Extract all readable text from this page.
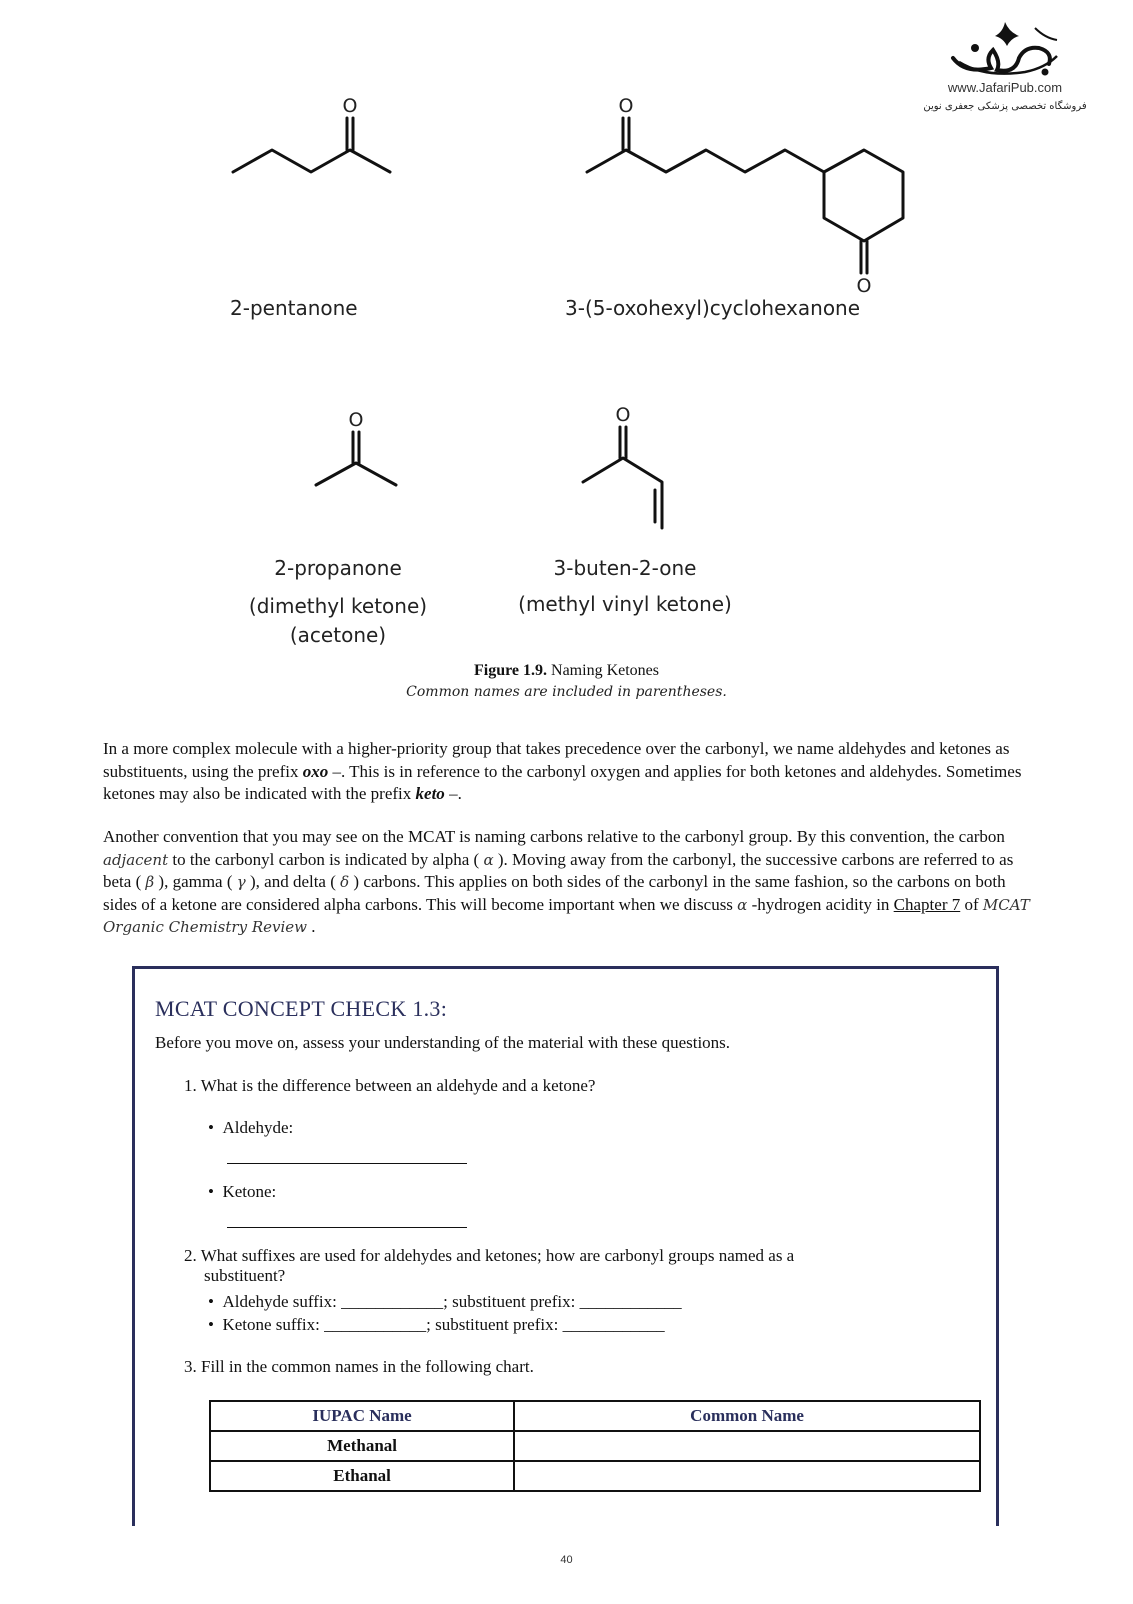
www.JafariPub.com
فروشگاه تخصصی پزشکی جعفری نوین
O	O
O
O	O
2-pentanone	3-(5-oxohexyl)cyclohexanone
2-propanone
(dimethyl ketone)
(acetone)
3-buten-2-one
(methyl vinyl ketone)
Figure 1.9. Naming Ketones
Common names are included in parentheses.
In a more complex molecule with a higher-priority group that takes precedence over the carbonyl, we name aldehydes and ketones as substituents, using the prefix oxo –. This is in reference to the carbonyl oxygen and applies for both ketones and aldehydes. Sometimes ketones may also be indicated with the prefix keto –.
Another convention that you may see on the MCAT is naming carbons relative to the carbonyl group. By this convention, the carbon adjacent to the carbonyl carbon is indicated by alpha ( α ). Moving away from the carbonyl, the successive carbons are referred to as beta ( β ), gamma ( γ ), and delta ( δ ) carbons. This applies on both sides of the carbonyl in the same fashion, so the carbons on both sides of a ketone are considered alpha carbons. This will become important when we discuss α -hydrogen acidity in Chapter 7 of MCAT Organic Chemistry Review .
MCAT CONCEPT CHECK 1.3:
Before you move on, assess your understanding of the material with these questions.
1. What is the difference between an aldehyde and a ketone?
•  Aldehyde:
•  Ketone:
2. What suffixes are used for aldehydes and ketones; how are carbonyl groups named as a
substituent?
•  Aldehyde suffix: ____________; substituent prefix: ____________
•  Ketone suffix: ____________; substituent prefix: ____________
3. Fill in the common names in the following chart.
IUPAC Name	Common Name
Methanal	
Ethanal	
40
